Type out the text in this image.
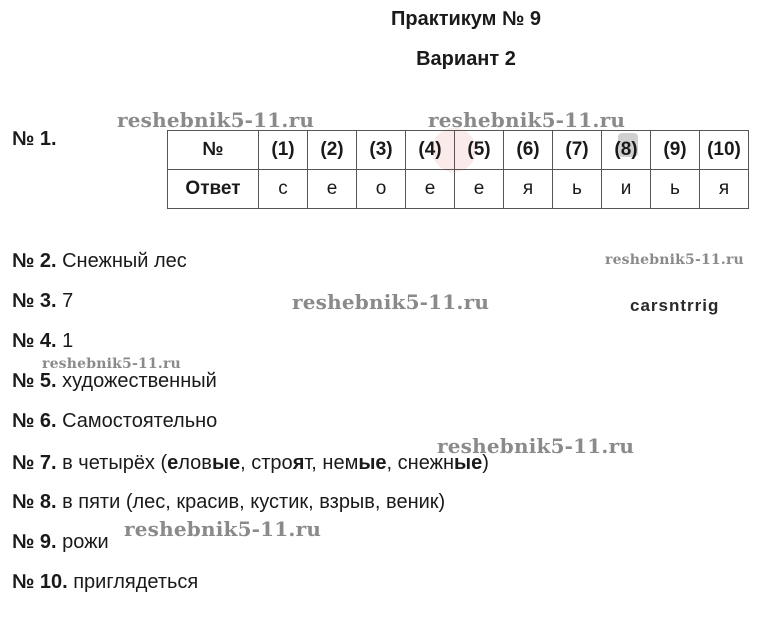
Практикум № 9
Вариант 2
№ 1.	№	(1)	(2)	(3)	(4)	(5)	(6)	(7)	(8)	(9)	(10)
Ответ	с	е	о	е	е	я	ь	и	ь	я
№ 2. Снежный лес
№ 3. 7
№ 4. 1
№ 5. художественный
№ 6. Самостоятельно
№ 7. в четырёх (еловые, строят, немые, снежные)
№ 8. в пяти (лес, красив, кустик, взрыв, веник)
№ 9. рожи
№ 10. приглядеться
carsntrrig
reshebnik5-11.ru	reshebnik5-11.ru
reshebnik5-11.ru
reshebnik5-11.ru
reshebnik5-11.ru
reshebnik5-11.ru
reshebnik5-11.ru
